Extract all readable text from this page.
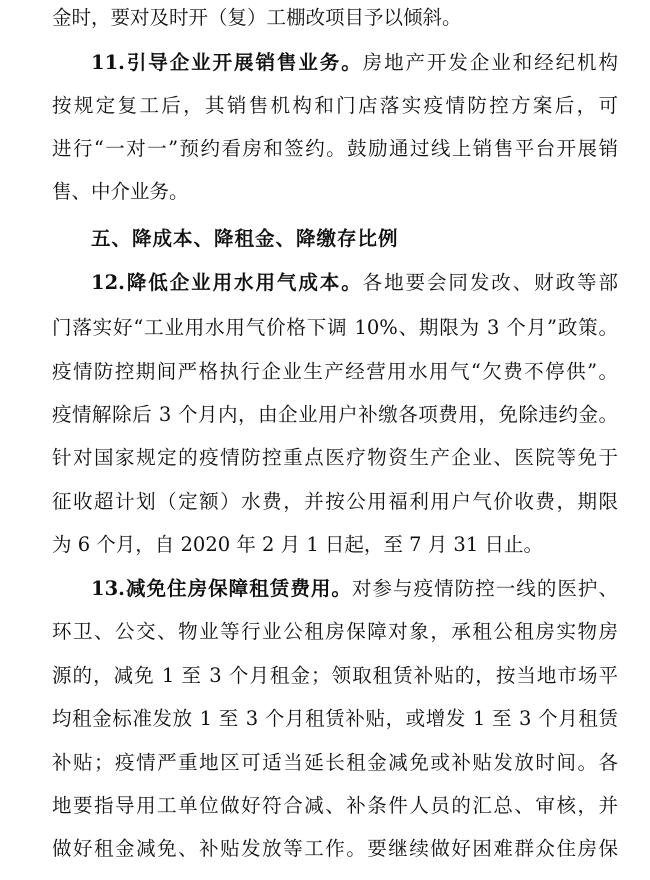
金时，要对及时开（复）工棚改项目予以倾斜。
11.引导企业开展销售业务。房地产开发企业和经纪机构
按规定复工后，其销售机构和门店落实疫情防控方案后，可
进行“一对一”预约看房和签约。鼓励通过线上销售平台开展销
售、中介业务。
五、降成本、降租金、降缴存比例
12.降低企业用水用气成本。各地要会同发改、财政等部
门落实好“工业用水用气价格下调 10%、期限为 3 个月”政策。
疫情防控期间严格执行企业生产经营用水用气“欠费不停供”。
疫情解除后 3 个月内，由企业用户补缴各项费用，免除违约金。
针对国家规定的疫情防控重点医疗物资生产企业、医院等免于
征收超计划（定额）水费，并按公用福利用户气价收费，期限
为 6 个月，自 2020 年 2 月 1 日起，至 7 月 31 日止。
13.减免住房保障租赁费用。对参与疫情防控一线的医护、
环卫、公交、物业等行业公租房保障对象，承租公租房实物房
源的，减免 1 至 3 个月租金；领取租赁补贴的，按当地市场平
均租金标准发放 1 至 3 个月租赁补贴，或增发 1 至 3 个月租赁
补贴；疫情严重地区可适当延长租金减免或补贴发放时间。各
地要指导用工单位做好符合减、补条件人员的汇总、审核，并
做好租金减免、补贴发放等工作。要继续做好困难群众住房保
